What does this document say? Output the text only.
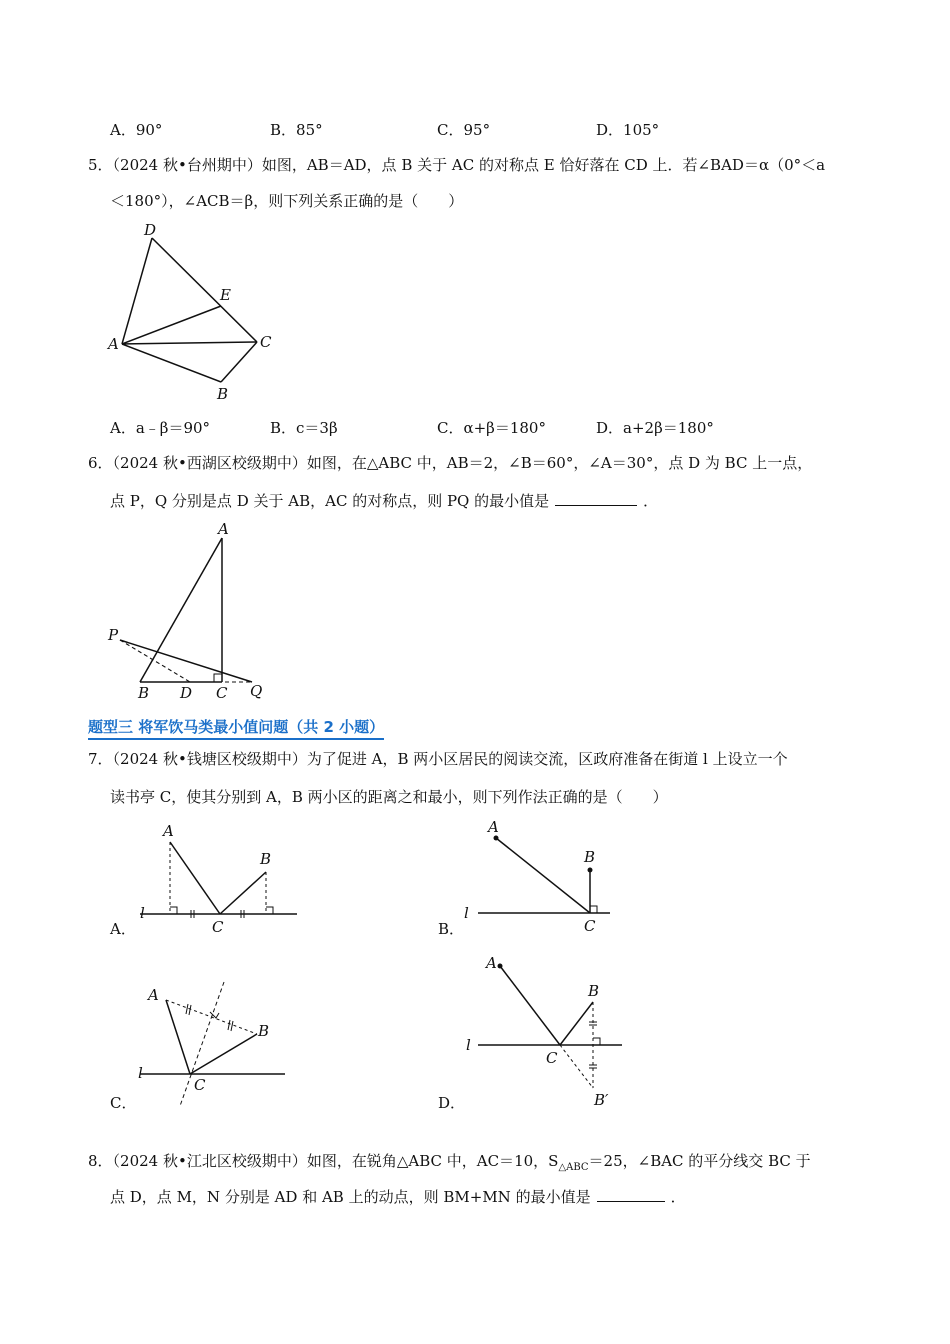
A．90°	B．85°	C．95°	D．105°
5．（2024 秋•台州期中）如图，AB＝AD，点 B 关于 AC 的对称点 E 恰好落在 CD 上．若∠BAD＝α（0°＜a
＜180°），∠ACB＝β，则下列关系正确的是（　　）
D
E
A	C
B
A．a﹣β＝90°	B．c＝3β	C．α+β＝180°	D．a+2β＝180°
6．（2024 秋•西湖区校级期中）如图，在△ABC 中，AB＝2，∠B＝60°，∠A＝30°，点 D 为 BC 上一点，
点 P，Q 分别是点 D 关于 AB，AC 的对称点，则 PQ 的最小值是	．
A
P
B D C Q
题型三 将军饮马类最小值问题（共 2 小题）
7．（2024 秋•钱塘区校级期中）为了促进 A，B 两小区居民的阅读交流，区政府准备在街道 l 上设立一个
读书亭 C，使其分别到 A，B 两小区的距离之和最小，则下列作法正确的是（　　）
A
B
C
l
A．
A
B
C
l
B．
A
B
C
l
C．
A
B
C
l
B′
D．
8．（2024 秋•江北区校级期中）如图，在锐角△ABC 中，AC＝10，$S_{\triangle ABC}=25$，∠BAC 的平分线交 BC 于
点 D，点 M，N 分别是 AD 和 AB 上的动点，则 BM+MN 的最小值是	．
